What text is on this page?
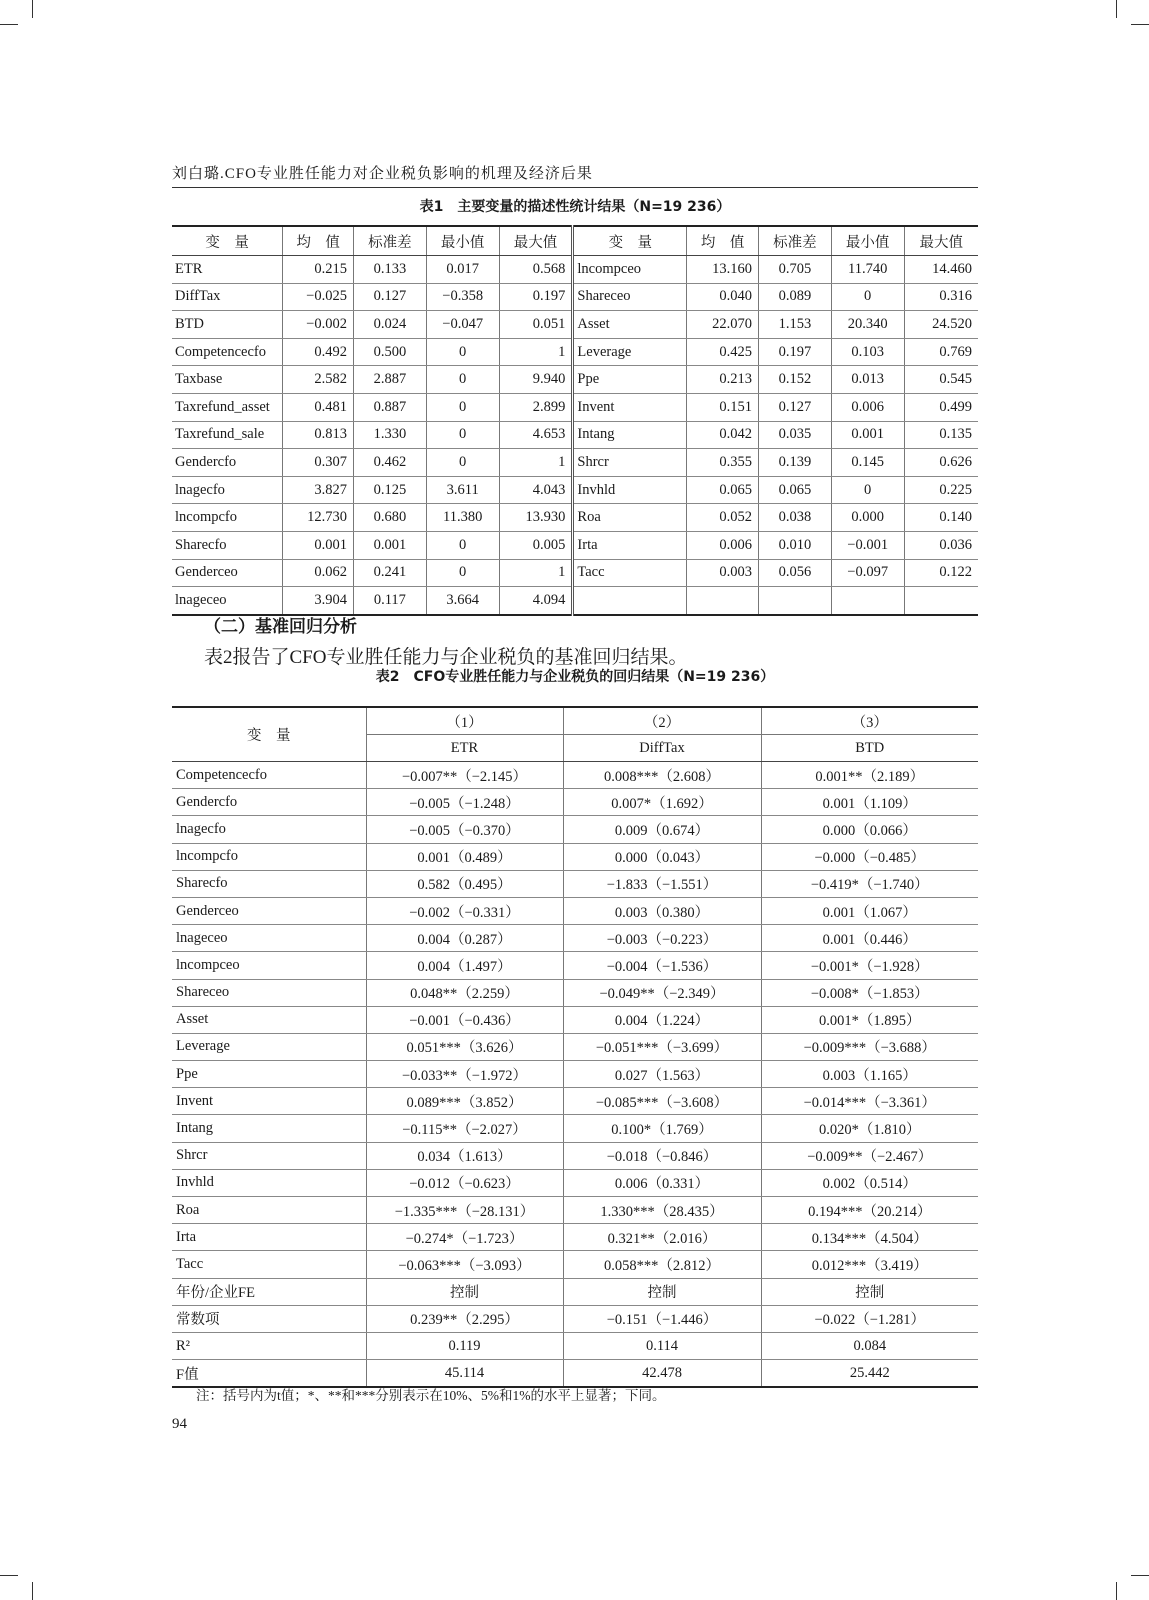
刘白璐.CFO专业胜任能力对企业税负影响的机理及经济后果
表1　主要变量的描述性统计结果（N=19 236）
变　量	均　值	标准差	最小值	最大值	变　量	均　值	标准差	最小值	最大值
ETR	0.215	0.133	0.017	0.568	lncompceo	13.160	0.705	11.740	14.460
DiffTax	−0.025	0.127	−0.358	0.197	Shareceo	0.040	0.089	0	0.316
BTD	−0.002	0.024	−0.047	0.051	Asset	22.070	1.153	20.340	24.520
Competencecfo	0.492	0.500	0	1	Leverage	0.425	0.197	0.103	0.769
Taxbase	2.582	2.887	0	9.940	Ppe	0.213	0.152	0.013	0.545
Taxrefund_asset	0.481	0.887	0	2.899	Invent	0.151	0.127	0.006	0.499
Taxrefund_sale	0.813	1.330	0	4.653	Intang	0.042	0.035	0.001	0.135
Gendercfo	0.307	0.462	0	1	Shrcr	0.355	0.139	0.145	0.626
lnagecfo	3.827	0.125	3.611	4.043	Invhld	0.065	0.065	0	0.225
lncompcfo	12.730	0.680	11.380	13.930	Roa	0.052	0.038	0.000	0.140
Sharecfo	0.001	0.001	0	0.005	Irta	0.006	0.010	−0.001	0.036
Genderceo	0.062	0.241	0	1	Tacc	0.003	0.056	−0.097	0.122
lnageceo	3.904	0.117	3.664	4.094					
（二）基准回归分析
表2报告了CFO专业胜任能力与企业税负的基准回归结果。
表2　CFO专业胜任能力与企业税负的回归结果（N=19 236）
变　量	（1）	（2）	（3）
	ETR	DiffTax	BTD
Competencecfo	−0.007**（−2.145）	0.008***（2.608）	0.001**（2.189）
Gendercfo	−0.005（−1.248）	0.007*（1.692）	0.001（1.109）
lnagecfo	−0.005（−0.370）	0.009（0.674）	0.000（0.066）
lncompcfo	0.001（0.489）	0.000（0.043）	−0.000（−0.485）
Sharecfo	0.582（0.495）	−1.833（−1.551）	−0.419*（−1.740）
Genderceo	−0.002（−0.331）	0.003（0.380）	0.001（1.067）
lnageceo	0.004（0.287）	−0.003（−0.223）	0.001（0.446）
lncompceo	0.004（1.497）	−0.004（−1.536）	−0.001*（−1.928）
Shareceo	0.048**（2.259）	−0.049**（−2.349）	−0.008*（−1.853）
Asset	−0.001（−0.436）	0.004（1.224）	0.001*（1.895）
Leverage	0.051***（3.626）	−0.051***（−3.699）	−0.009***（−3.688）
Ppe	−0.033**（−1.972）	0.027（1.563）	0.003（1.165）
Invent	0.089***（3.852）	−0.085***（−3.608）	−0.014***（−3.361）
Intang	−0.115**（−2.027）	0.100*（1.769）	0.020*（1.810）
Shrcr	0.034（1.613）	−0.018（−0.846）	−0.009**（−2.467）
Invhld	−0.012（−0.623）	0.006（0.331）	0.002（0.514）
Roa	−1.335***（−28.131）	1.330***（28.435）	0.194***（20.214）
Irta	−0.274*（−1.723）	0.321**（2.016）	0.134***（4.504）
Tacc	−0.063***（−3.093）	0.058***（2.812）	0.012***（3.419）
年份/企业FE	控制	控制	控制
常数项	0.239**（2.295）	−0.151（−1.446）	−0.022（−1.281）
R²	0.119	0.114	0.084
F值	45.114	42.478	25.442
注：括号内为t值；*、**和***分别表示在10%、5%和1%的水平上显著；下同。
94
